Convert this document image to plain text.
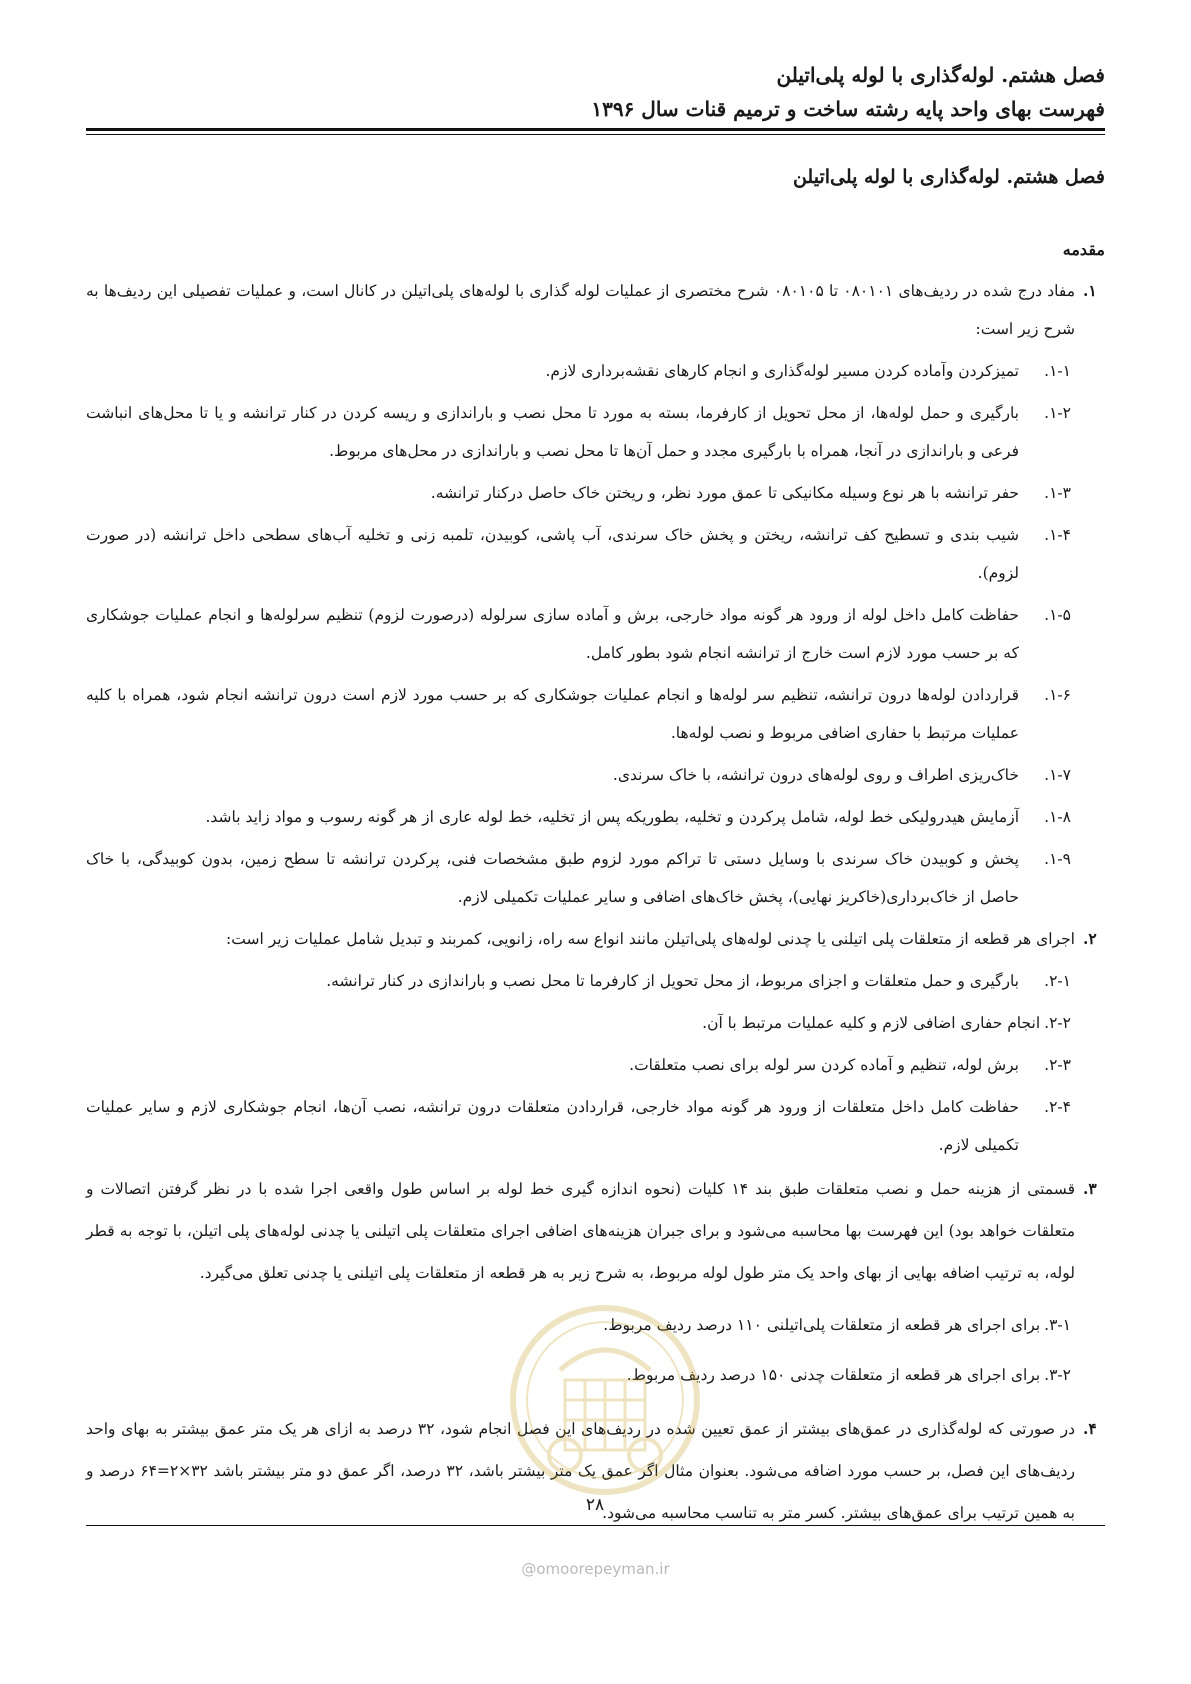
فصل هشتم. لوله‌گذاری با لوله پلی‌اتیلن
فهرست بهای واحد پایه رشته ساخت و ترمیم قنات سال ۱۳۹۶
فصل هشتم. لوله‌گذاری با لوله پلی‌اتیلن
مقدمه
۱.
مفاد درج شده در ردیف‌های ۰۸۰۱۰۱ تا ۰۸۰۱۰۵ شرح مختصری از عملیات لوله گذاری با لوله‌های پلی‌اتیلن در کانال است، و عملیات تفصیلی این ردیف‌ها به شرح زیر است:
۱-۱.
تمیزکردن وآماده کردن مسیر لوله‌گذاری و انجام کارهای نقشه‌برداری لازم.
۱-۲.
بارگیری و حمل لوله‌ها، از محل تحویل از کارفرما، بسته به مورد تا محل نصب و باراندازی و ریسه کردن در کنار ترانشه و یا تا محل‌های انباشت فرعی و باراندازی در آنجا، همراه با بارگیری مجدد و حمل آن‌ها تا محل نصب و باراندازی در محل‌های مربوط.
۱-۳.
حفر ترانشه با هر نوع وسیله مکانیکی تا عمق مورد نظر، و ریختن خاک حاصل درکنار ترانشه.
۱-۴.
شیب بندی و تسطیح کف ترانشه، ریختن و پخش خاک سرندی، آب پاشی، کوبیدن، تلمبه زنی و تخلیه آب‌های سطحی داخل ترانشه (در صورت لزوم).
۱-۵.
حفاظت کامل داخل لوله از ورود هر گونه مواد خارجی، برش و آماده سازی سرلوله (درصورت لزوم) تنظیم سرلوله‌ها و انجام عملیات جوشکاری که بر حسب مورد لازم است خارج از ترانشه انجام شود بطور کامل.
۱-۶.
قراردادن لوله‌ها درون ترانشه، تنظیم سر لوله‌ها و انجام عملیات جوشکاری که بر حسب مورد لازم است درون ترانشه انجام شود، همراه با کلیه عملیات مرتبط با حفاری اضافی مربوط و نصب لوله‌ها.
۱-۷.
خاک‌ریزی اطراف و روی لوله‌های درون ترانشه، با خاک سرندی.
۱-۸.
آزمایش هیدرولیکی خط لوله، شامل پرکردن و تخلیه، بطوریکه پس از تخلیه، خط لوله عاری از هر گونه رسوب و مواد زاید باشد.
۱-۹.
پخش و کوبیدن خاک سرندی با وسایل دستی تا تراکم مورد لزوم طبق مشخصات فنی، پرکردن ترانشه تا سطح زمین، بدون کوبیدگی، با خاک حاصل از خاک‌برداری(خاکریز نهایی)، پخش خاک‌های اضافی و سایر عملیات تکمیلی لازم.
۲.
اجرای هر قطعه از متعلقات پلی اتیلنی یا چدنی لوله‌های پلی‌اتیلن مانند انواع سه راه، زانویی، کمربند و تبدیل شامل عملیات زیر است:
۲-۱.
بارگیری و حمل متعلقات و اجزای مربوط، از محل تحویل از کارفرما تا محل نصب و باراندازی در کنار ترانشه.
۲-۲.
انجام حفاری اضافی لازم و کلیه عملیات مرتبط با آن.
۲-۳.
برش لوله، تنظیم و آماده کردن سر لوله برای نصب متعلقات.
۲-۴.
حفاظت کامل داخل متعلقات از ورود هر گونه مواد خارجی، قراردادن متعلقات درون ترانشه، نصب آن‌ها، انجام جوشکاری لازم و سایر عملیات تکمیلی لازم.
۳.
قسمتی از هزینه حمل و نصب متعلقات طبق بند ۱۴ کلیات (نحوه اندازه گیری خط لوله بر اساس طول واقعی اجرا شده با در نظر گرفتن اتصالات و متعلقات خواهد بود) این فهرست بها محاسبه می‌شود و برای جبران هزینه‌های اضافی اجرای متعلقات پلی اتیلنی یا چدنی لوله‌های پلی اتیلن، با توجه به قطر لوله، به ترتیب اضافه بهایی از بهای واحد یک متر طول لوله مربوط، به شرح زیر به هر قطعه از متعلقات پلی اتیلنی یا چدنی تعلق می‌گیرد.
۳-۱.
برای اجرای هر قطعه از متعلقات پلی‌اتیلنی ۱۱۰ درصد ردیف مربوط.
۳-۲.
برای اجرای هر قطعه از متعلقات چدنی ۱۵۰ درصد ردیف مربوط.
۴.
در صورتی که لوله‌گذاری در عمق‌های بیشتر از عمق تعیین شده در ردیف‌های این فصل انجام شود، ۳۲ درصد به ازای هر یک متر عمق بیشتر به بهای واحد ردیف‌های این فصل، بر حسب مورد اضافه می‌شود. بعنوان مثال اگر عمق یک متر بیشتر باشد، ۳۲ درصد، اگر عمق دو متر بیشتر باشد ۳۲×۲=۶۴ درصد و به همین ترتیب برای عمق‌های بیشتر. کسر متر به تناسب محاسبه می‌شود.
۲۸
@omoorepeyman.ir
